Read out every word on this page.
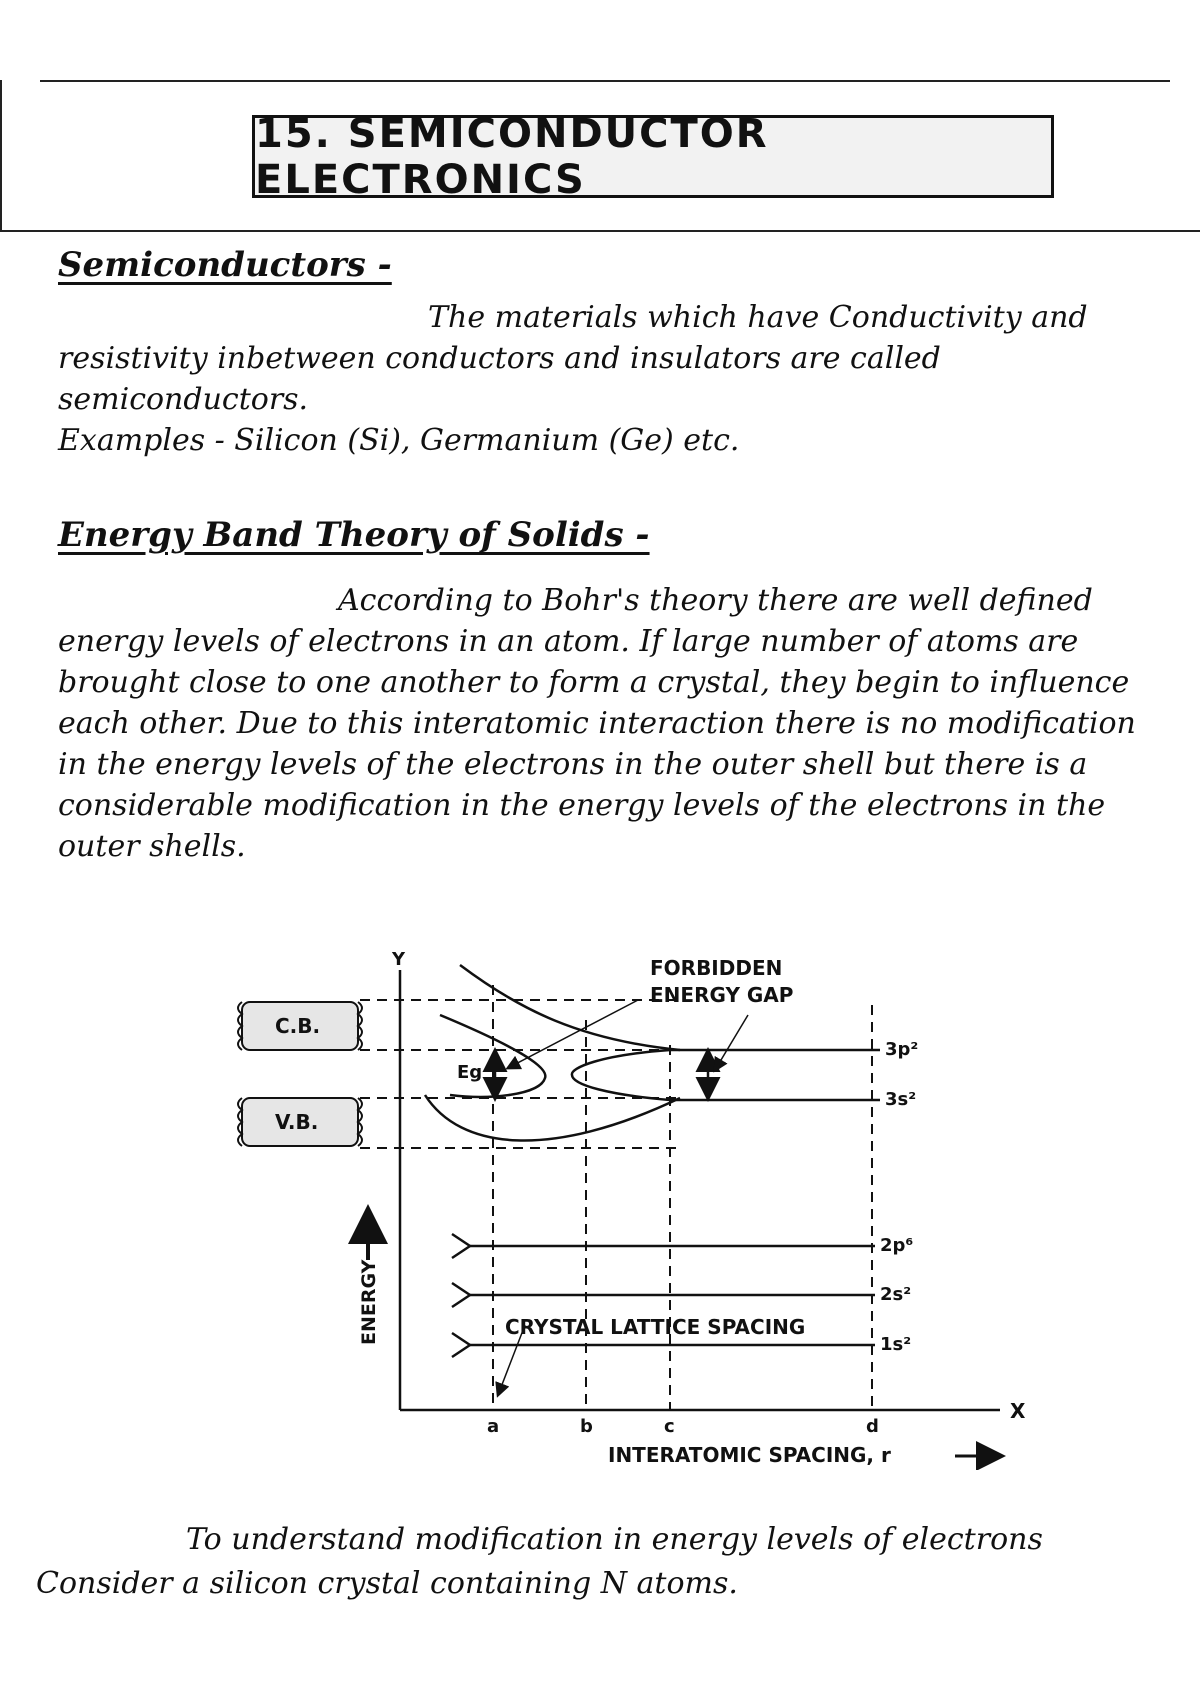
15. SEMICONDUCTOR ELECTRONICS
Semiconductors -
The materials which have Conductivity and resistivity inbetween conductors and insulators are called semiconductors.
Examples - Silicon (Si), Germanium (Ge) etc.
Energy Band Theory of Solids -
According to Bohr's theory there are well defined energy levels of electrons in an atom. If large number of atoms are brought close to one another to form a crystal, they begin to influence each other. Due to this interatomic interaction there is no modification in the energy levels of the electrons in the outer shell but there is a considerable modification in the energy levels of the electrons in the outer shells.
Y
X
C.B.
V.B.
Eg
FORBIDDEN
ENERGY GAP
3p²
3s²
2p⁶
2s²
1s²
CRYSTAL LATTICE SPACING
ENERGY
a	b	c	d
INTERATOMIC SPACING, r
To understand modification in energy levels of electrons Consider a silicon crystal containing N atoms.
